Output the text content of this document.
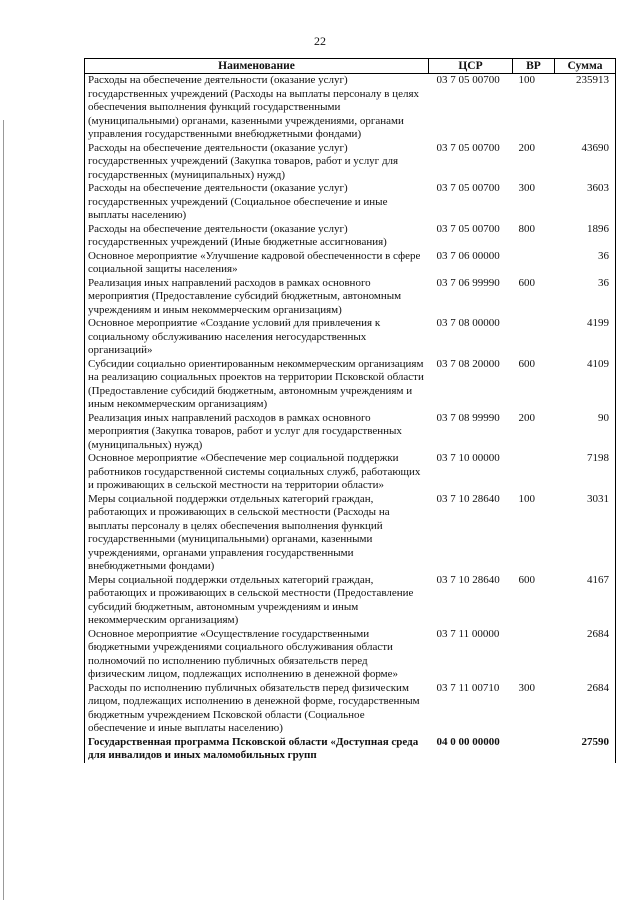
22
Наименование	ЦСР	ВР	Сумма
Расходы на обеспечение деятельности (оказание услуг) государственных учреждений (Расходы на выплаты персоналу в целях обеспечения выполнения функций государственными (муниципальными) органами, казенными учреждениями, органами управления государственными внебюджетными фондами)	03 7 05 00700	100	235913
Расходы на обеспечение деятельности (оказание услуг) государственных учреждений (Закупка товаров, работ и услуг для государственных (муниципальных) нужд)	03 7 05 00700	200	43690
Расходы на обеспечение деятельности (оказание услуг) государственных учреждений (Социальное обеспечение и иные выплаты населению)	03 7 05 00700	300	3603
Расходы на обеспечение деятельности (оказание услуг) государственных учреждений (Иные бюджетные ассигнования)	03 7 05 00700	800	1896
Основное мероприятие «Улучшение кадровой обеспеченности в сфере социальной защиты населения»	03 7 06 00000		36
Реализация иных направлений расходов в рамках основного мероприятия (Предоставление субсидий бюджетным, автономным учреждениям и иным некоммерческим организациям)	03 7 06 99990	600	36
Основное мероприятие «Создание условий для привлечения к социальному обслуживанию населения негосударственных организаций»	03 7 08 00000		4199
Субсидии социально ориентированным некоммерческим организациям на реализацию социальных проектов на территории Псковской области (Предоставление субсидий бюджетным, автономным учреждениям и иным некоммерческим организациям)	03 7 08 20000	600	4109
Реализация иных направлений расходов в рамках основного мероприятия (Закупка товаров, работ и услуг для государственных (муниципальных) нужд)	03 7 08 99990	200	90
Основное мероприятие «Обеспечение мер социальной поддержки работников государственной системы социальных служб, работающих и проживающих в сельской местности на территории области»	03 7 10 00000		7198
Меры социальной поддержки отдельных категорий граждан, работающих и проживающих в сельской местности (Расходы на выплаты персоналу в целях обеспечения выполнения функций государственными (муниципальными) органами, казенными учреждениями, органами управления государственными внебюджетными фондами)	03 7 10 28640	100	3031
Меры социальной поддержки отдельных категорий граждан, работающих и проживающих в сельской местности (Предоставление субсидий бюджетным, автономным учреждениям и иным некоммерческим организациям)	03 7 10 28640	600	4167
Основное мероприятие «Осуществление государственными бюджетными учреждениями социального обслуживания области полномочий по исполнению публичных обязательств перед физическим лицом, подлежащих исполнению в денежной форме»	03 7 11 00000		2684
Расходы по исполнению публичных обязательств перед физическим лицом, подлежащих исполнению в денежной форме, государственным бюджетным учреждением Псковской области (Социальное обеспечение и иные выплаты населению)	03 7 11 00710	300	2684
Государственная программа Псковской области «Доступная среда для инвалидов и иных маломобильных групп	04 0 00 00000		27590
